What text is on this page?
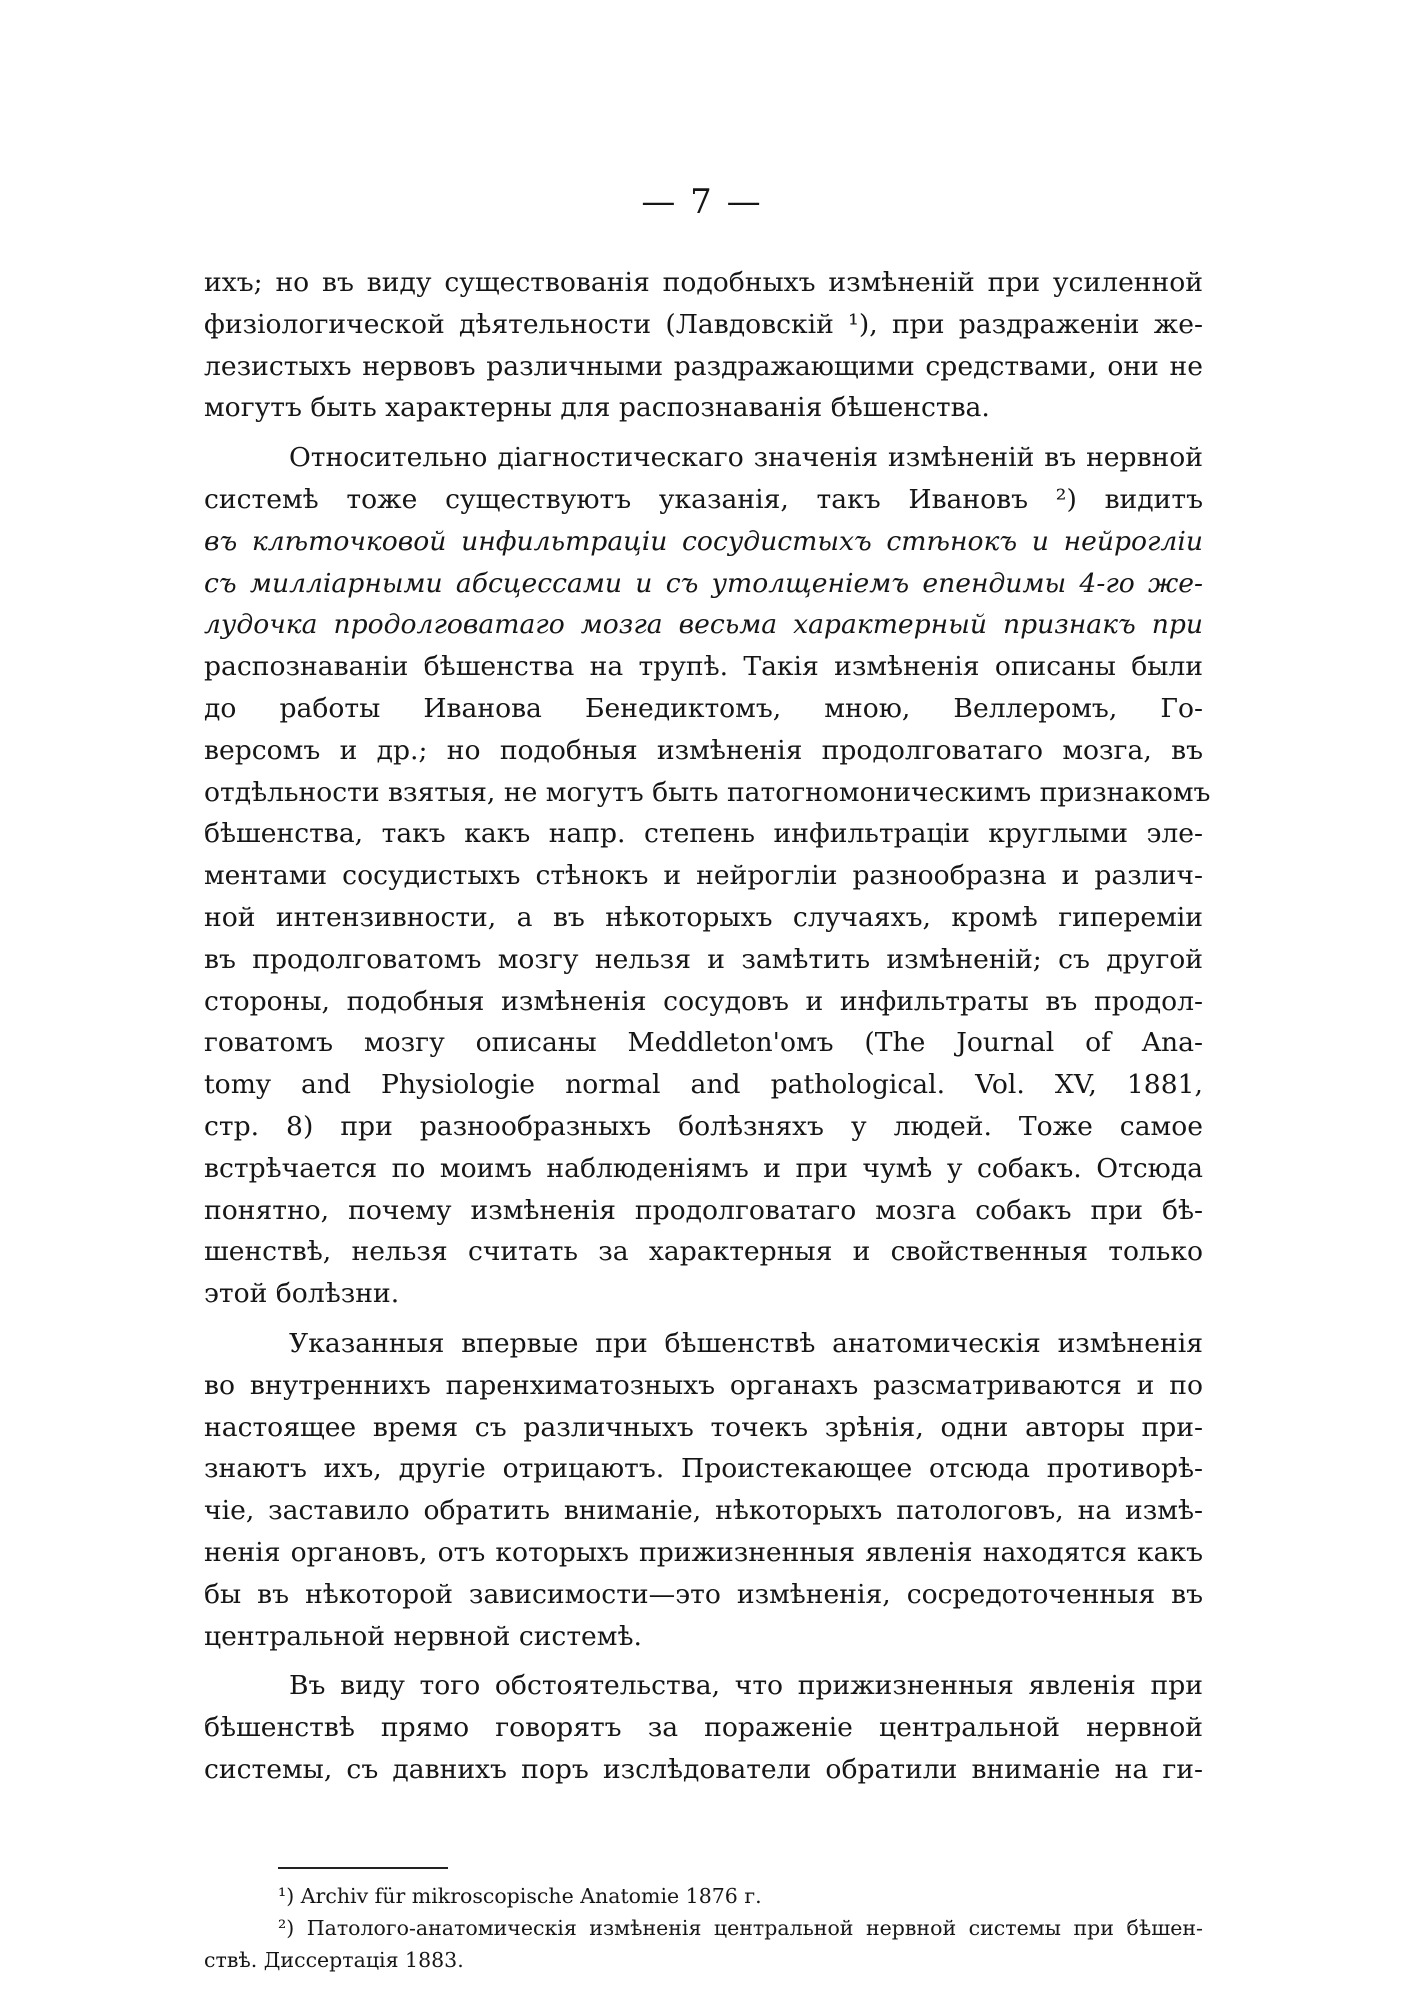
— 7 —
ихъ; но въ виду существованія подобныхъ измѣненій при усиленной
физіологической дѣятельности (Лавдовскій ¹), при раздраженіи же-
лезистыхъ нервовъ различными раздражающими средствами, они не
могутъ быть характерны для распознаванія бѣшенства.
Относительно діагностическаго значенія измѣненій въ нервной
системѣ тоже существуютъ указанія, такъ Ивановъ ²) видитъ
въ клѣточковой инфильтраціи сосудистыхъ стѣнокъ и нейрогліи
съ милліарными абсцессами и съ утолщеніемъ епендимы 4-го же-
лудочка продолговатаго мозга весьма характерный признакъ при
распознаваніи бѣшенства на трупѣ. Такія измѣненія описаны были
до работы Иванова Бенедиктомъ, мною, Веллеромъ, Го-
версомъ и др.; но подобныя измѣненія продолговатаго мозга, въ
отдѣльности взятыя, не могутъ быть патогномоническимъ признакомъ
бѣшенства, такъ какъ напр. степень инфильтраціи круглыми эле-
ментами сосудистыхъ стѣнокъ и нейрогліи разнообразна и различ-
ной интензивности, а въ нѣкоторыхъ случаяхъ, кромѣ гипереміи
въ продолговатомъ мозгу нельзя и замѣтить измѣненій; съ другой
стороны, подобныя измѣненія сосудовъ и инфильтраты въ продол-
говатомъ мозгу описаны Meddleton'омъ (The Journal of Ana-
tomy and Physiologie normal and pathological. Vol. XV, 1881,
стр. 8) при разнообразныхъ болѣзняхъ у людей. Тоже самое
встрѣчается по моимъ наблюденіямъ и при чумѣ у собакъ. Отсюда
понятно, почему измѣненія продолговатаго мозга собакъ при бѣ-
шенствѣ, нельзя считать за характерныя и свойственныя только
этой болѣзни.
Указанныя впервые при бѣшенствѣ анатомическія измѣненія
во внутреннихъ паренхиматозныхъ органахъ разсматриваются и по
настоящее время съ различныхъ точекъ зрѣнія, одни авторы при-
знаютъ ихъ, другіе отрицаютъ. Проистекающее отсюда противорѣ-
чіе, заставило обратить вниманіе, нѣкоторыхъ патологовъ, на измѣ-
ненія органовъ, отъ которыхъ прижизненныя явленія находятся какъ
бы въ нѣкоторой зависимости—это измѣненія, сосредоточенныя въ
центральной нервной системѣ.
Въ виду того обстоятельства, что прижизненныя явленія при
бѣшенствѣ прямо говорятъ за пораженіе центральной нервной
системы, съ давнихъ поръ изслѣдователи обратили вниманіе на ги-
¹) Archiv für mikroscopische Anatomie 1876 г.
²) Патолого-анатомическія измѣненія центральной нервной системы при бѣшен-
ствѣ. Диссертація 1883.
